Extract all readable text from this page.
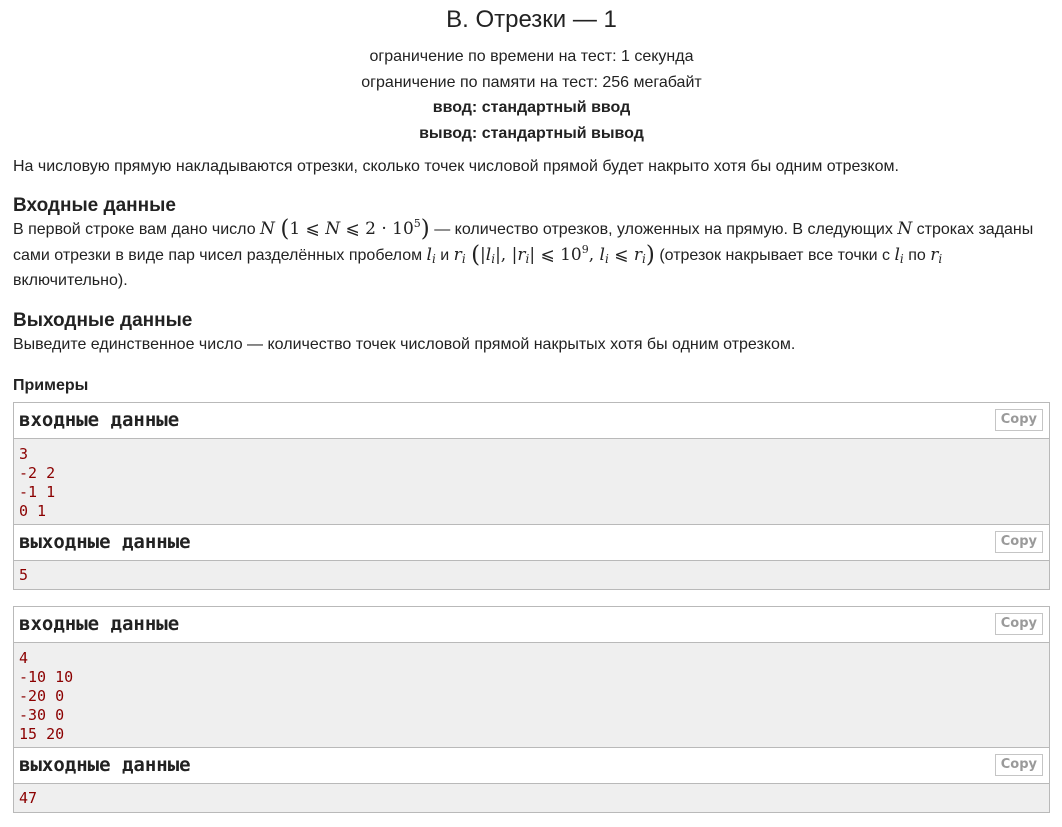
B. Отрезки — 1
ограничение по времени на тест: 1 секунда
ограничение по памяти на тест: 256 мегабайт
ввод: стандартный ввод
вывод: стандартный вывод
На числовую прямую накладываются отрезки, сколько точек числовой прямой будет накрыто хотя бы одним отрезком.
Входные данные
В первой строке вам дано число N (1 ⩽ N ⩽ $2 \cdot 10^5$) — количество отрезков, уложенных на прямую. В следующих N строках заданы сами отрезки в виде пар чисел разделённых пробелом $l_i$ и $r_i$ ($|l_i|$, $|r_i|$ ⩽ $10^9$, $l_i$ ⩽ $r_i$) (отрезок накрывает все точки с $l_i$ по $r_i$ включительно).
Выходные данные
Выведите единственное число — количество точек числовой прямой накрытых хотя бы одним отрезком.
Примеры
входные данные	Copy
3
-2 2
-1 1
0 1
выходные данные	Copy
5
входные данные	Copy
4
-10 10
-20 0
-30 0
15 20
выходные данные	Copy
47
